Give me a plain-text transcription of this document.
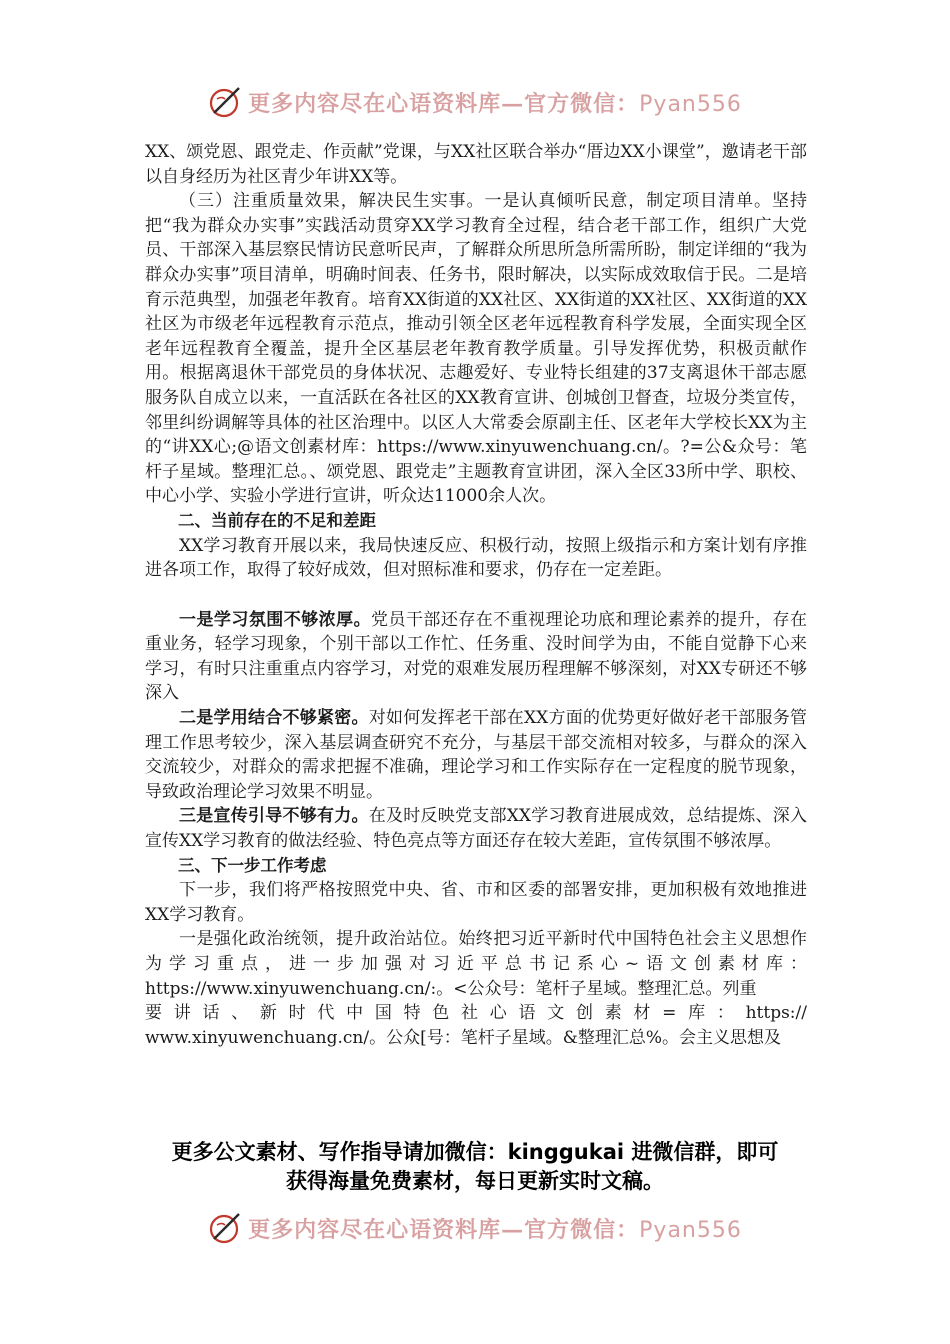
更多内容尽在心语资料库—官方微信：Pyan556

XX、颂党恩、跟党走、作贡献”党课，与XX社区联合举办“厝边XX小课堂”，邀请老干部以自身经历为社区青少年讲XX等。

（三）注重质量效果，解决民生实事。一是认真倾听民意，制定项目清单。坚持把“我为群众办实事”实践活动贯穿XX学习教育全过程，结合老干部工作，组织广大党员、干部深入基层察民情访民意听民声，了解群众所思所急所需所盼，制定详细的“我为群众办实事”项目清单，明确时间表、任务书，限时解决，以实际成效取信于民。二是培育示范典型，加强老年教育。培育XX街道的XX社区、XX街道的XX社区、XX街道的XX社区为市级老年远程教育示范点，推动引领全区老年远程教育科学发展，全面实现全区老年远程教育全覆盖，提升全区基层老年教育教学质量。引导发挥优势，积极贡献作用。根据离退休干部党员的身体状况、志趣爱好、专业特长组建的37支离退休干部志愿服务队自成立以来，一直活跃在各社区的XX教育宣讲、创城创卫督查，垃圾分类宣传，邻里纠纷调解等具体的社区治理中。以区人大常委会原副主任、区老年大学校长XX为主的“讲XX心;@语文创素材库：https://www.xinyuwenchuang.cn/。?=公&众号：笔杆子星域。整理汇总。、颂党恩、跟党走”主题教育宣讲团，深入全区33所中学、职校、中心小学、实验小学进行宣讲，听众达11000余人次。

二、当前存在的不足和差距

XX学习教育开展以来，我局快速反应、积极行动，按照上级指示和方案计划有序推进各项工作，取得了较好成效，但对照标准和要求，仍存在一定差距。

一是学习氛围不够浓厚。党员干部还存在不重视理论功底和理论素养的提升，存在重业务，轻学习现象，个别干部以工作忙、任务重、没时间学为由，不能自觉静下心来学习，有时只注重重点内容学习，对党的艰难发展历程理解不够深刻，对XX专研还不够深入

二是学用结合不够紧密。对如何发挥老干部在XX方面的优势更好做好老干部服务管理工作思考较少，深入基层调查研究不充分，与基层干部交流相对较多，与群众的深入交流较少，对群众的需求把握不准确，理论学习和工作实际存在一定程度的脱节现象，导致政治理论学习效果不明显。

三是宣传引导不够有力。在及时反映党支部XX学习教育进展成效，总结提炼、深入宣传XX学习教育的做法经验、特色亮点等方面还存在较大差距，宣传氛围不够浓厚。

三、下一步工作考虑

下一步，我们将严格按照党中央、省、市和区委的部署安排，更加积极有效地推进XX学习教育。

一是强化政治统领，提升政治站位。始终把习近平新时代中国特色社会主义思想作为学习重点，进一步加强对习近平总书记系心~语文创素材库：https://www.xinyuwenchuang.cn/:。<公众号：笔杆子星域。整理汇总。列重

要讲话、新时代中国特色社心语文创素材=库：https://

www.xinyuwenchuang.cn/。公众[号：笔杆子星域。&整理汇总%。会主义思想及

更多公文素材、写作指导请加微信：kinggukai 进微信群，即可
获得海量免费素材，每日更新实时文稿。
更多内容尽在心语资料库—官方微信：Pyan556
